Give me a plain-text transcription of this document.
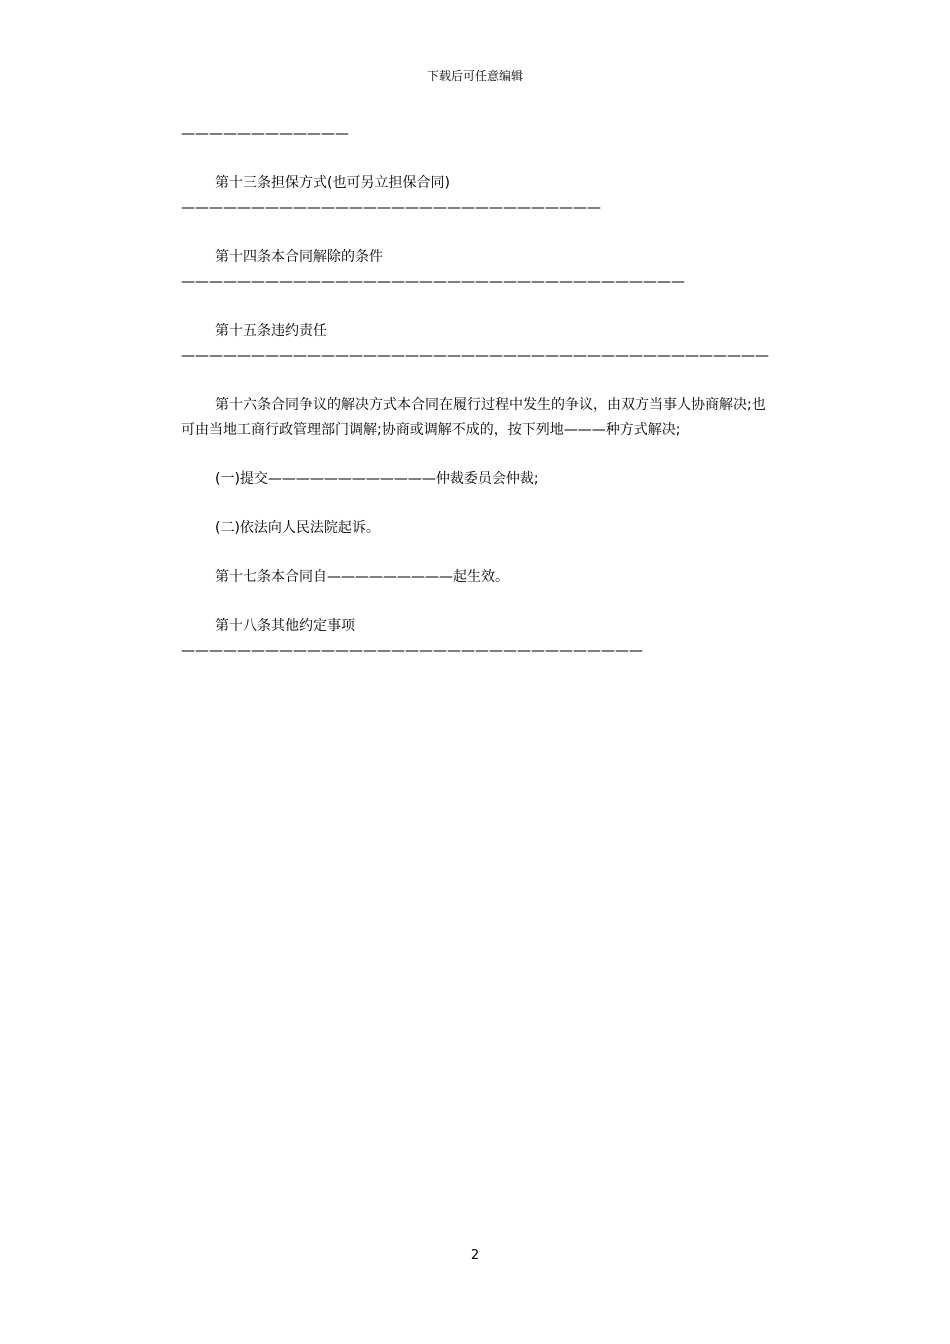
下载后可任意编辑

————————————

第十三条担保方式(也可另立担保合同)——————————————————————————————

第十四条本合同解除的条件————————————————————————————————————

第十五条违约责任——————————————————————————————————————————

第十六条合同争议的解决方式本合同在履行过程中发生的争议，由双方当事人协商解决;也可由当地工商行政管理部门调解;协商或调解不成的，按下列地———种方式解决;

(一)提交————————————仲裁委员会仲裁;

(二)依法向人民法院起诉。

第十七条本合同自—————————起生效。

第十八条其他约定事项—————————————————————————————————

2
